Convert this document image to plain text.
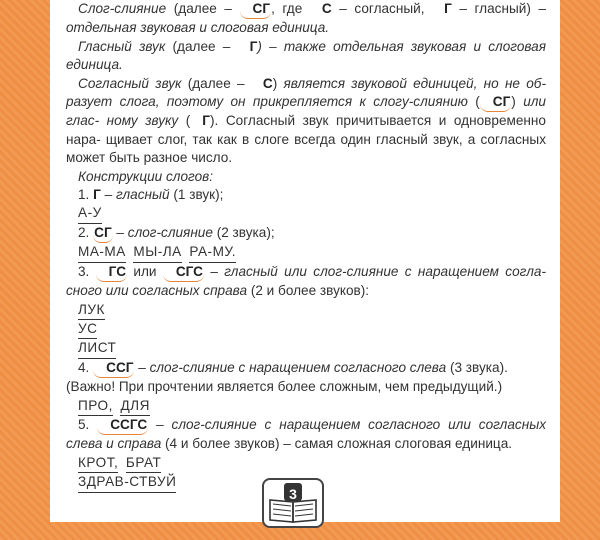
Слог-слияние (далее – СГ, где С – согласный, Г – гласный) – отдельная звуковая и слоговая единица.
Гласный звук (далее – Г) – также отдельная звуковая и слоговая единица.
Согласный звук (далее – С) является звуковой единицей, но не об- разует слога, поэтому он прикрепляется к слогу-слиянию ( СГ) или глас- ному звуку ( Г). Согласный звук причитывается и одновременно нара- щивает слог, так как в слоге всегда один гласный звук, а согласных может быть разное число.
Конструкции слогов:
1. Г – гласный (1 звук);
А-У
2. СГ – слог-слияние (2 звука);
МА-МА МЫ-ЛА РА-МУ.
3. ГС или СГС – гласный или слог-слияние с наращением согла- сного или согласных справа (2 и более звуков):
ЛУК
УС
ЛИСТ
4. ССГ – слог-слияние с наращением согласного слева (3 звука).
(Важно! При прочтении является более сложным, чем предыдущий.)
ПРО, ДЛЯ
5. ССГС – слог-слияние с наращением согласного или согласных слева и справа (4 и более звуков) – самая сложная слоговая единица.
КРОТ, БРАТ
ЗДРАВ-СТВУЙ
3
